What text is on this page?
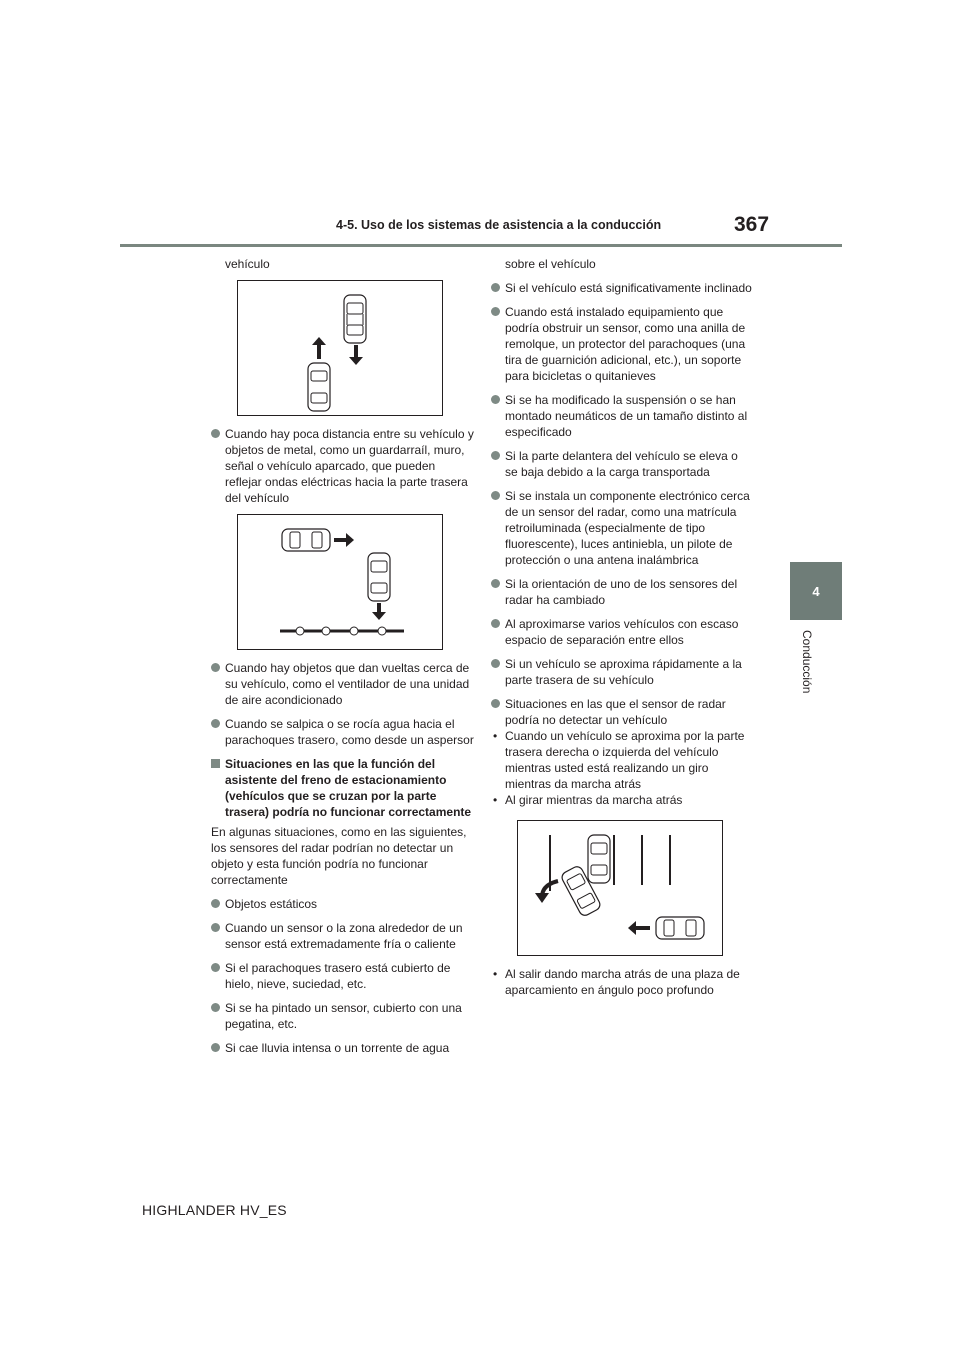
4-5. Uso de los sistemas de asistencia a la conducción	367
4
Conducción

vehículo

Cuando hay poca distancia entre su vehículo y objetos de metal, como un guardarraíl, muro, señal o vehículo aparcado, que pueden reflejar ondas eléctricas hacia la parte trasera del vehículo

Cuando hay objetos que dan vueltas cerca de su vehículo, como el ventilador de una unidad de aire acondicionado

Cuando se salpica o se rocía agua hacia el parachoques trasero, como desde un aspersor

Situaciones en las que la función del asistente del freno de estacionamiento (vehículos que se cruzan por la parte trasera) podría no funcionar correctamente

En algunas situaciones, como en las siguientes, los sensores del radar podrían no detectar un objeto y esta función podría no funcionar correctamente

Objetos estáticos

Cuando un sensor o la zona alrededor de un sensor está extremadamente fría o caliente

Si el parachoques trasero está cubierto de hielo, nieve, suciedad, etc.

Si se ha pintado un sensor, cubierto con una pegatina, etc.

Si cae lluvia intensa o un torrente de agua

sobre el vehículo

Si el vehículo está significativamente inclinado

Cuando está instalado equipamiento que podría obstruir un sensor, como una anilla de remolque, un protector del parachoques (una tira de guarnición adicional, etc.), un soporte para bicicletas o quitanieves

Si se ha modificado la suspensión o se han montado neumáticos de un tamaño distinto al especificado

Si la parte delantera del vehículo se eleva o se baja debido a la carga transportada

Si se instala un componente electrónico cerca de un sensor del radar, como una matrícula retroiluminada (especialmente de tipo fluorescente), luces antiniebla, un pilote de protección o una antena inalámbrica

Si la orientación de uno de los sensores del radar ha cambiado

Al aproximarse varios vehículos con escaso espacio de separación entre ellos

Si un vehículo se aproxima rápidamente a la parte trasera de su vehículo

Situaciones en las que el sensor de radar podría no detectar un vehículo

• Cuando un vehículo se aproxima por la parte trasera derecha o izquierda del vehículo mientras usted está realizando un giro mientras da marcha atrás

• Al girar mientras da marcha atrás

• Al salir dando marcha atrás de una plaza de aparcamiento en ángulo poco profundo

HIGHLANDER HV_ES
